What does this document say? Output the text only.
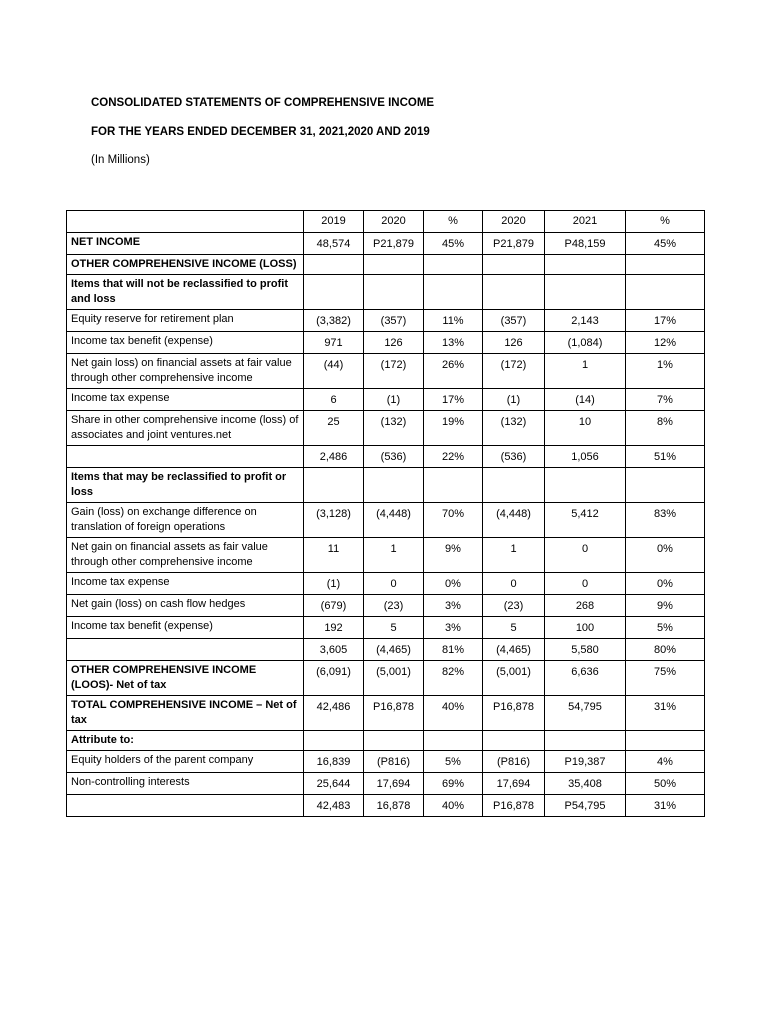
CONSOLIDATED STATEMENTS OF COMPREHENSIVE INCOME
FOR THE YEARS ENDED DECEMBER 31, 2021,2020 AND 2019
(In Millions)
	2019	2020	%	2020	2021	%
NET INCOME	48,574	P21,879	45%	P21,879	P48,159	45%
OTHER COMPREHENSIVE INCOME (LOSS)						
Items that will not be reclassified to profit and loss						
Equity reserve for retirement plan	(3,382)	(357)	11%	(357)	2,143	17%
Income tax benefit (expense)	971	126	13%	126	(1,084)	12%
Net gain loss) on financial assets at fair value through other comprehensive income	(44)	(172)	26%	(172)	1	1%
Income tax expense	6	(1)	17%	(1)	(14)	7%
Share in other comprehensive income (loss) of associates and joint ventures.net	25	(132)	19%	(132)	10	8%
	2,486	(536)	22%	(536)	1,056	51%
Items that may be reclassified to profit or loss						
Gain (loss) on exchange difference on translation of foreign operations	(3,128)	(4,448)	70%	(4,448)	5,412	83%
Net gain on financial assets as fair value through other comprehensive income	11	1	9%	1	0	0%
Income tax expense	(1)	0	0%	0	0	0%
Net gain (loss) on cash flow hedges	(679)	(23)	3%	(23)	268	9%
Income tax benefit (expense)	192	5	3%	5	100	5%
	3,605	(4,465)	81%	(4,465)	5,580	80%
OTHER COMPREHENSIVE INCOME (LOOS)- Net of tax	(6,091)	(5,001)	82%	(5,001)	6,636	75%
TOTAL COMPREHENSIVE INCOME – Net of tax	42,486	P16,878	40%	P16,878	54,795	31%
Attribute to:						
Equity holders of the parent company	16,839	(P816)	5%	(P816)	P19,387	4%
Non-controlling interests	25,644	17,694	69%	17,694	35,408	50%
	42,483	16,878	40%	P16,878	P54,795	31%
